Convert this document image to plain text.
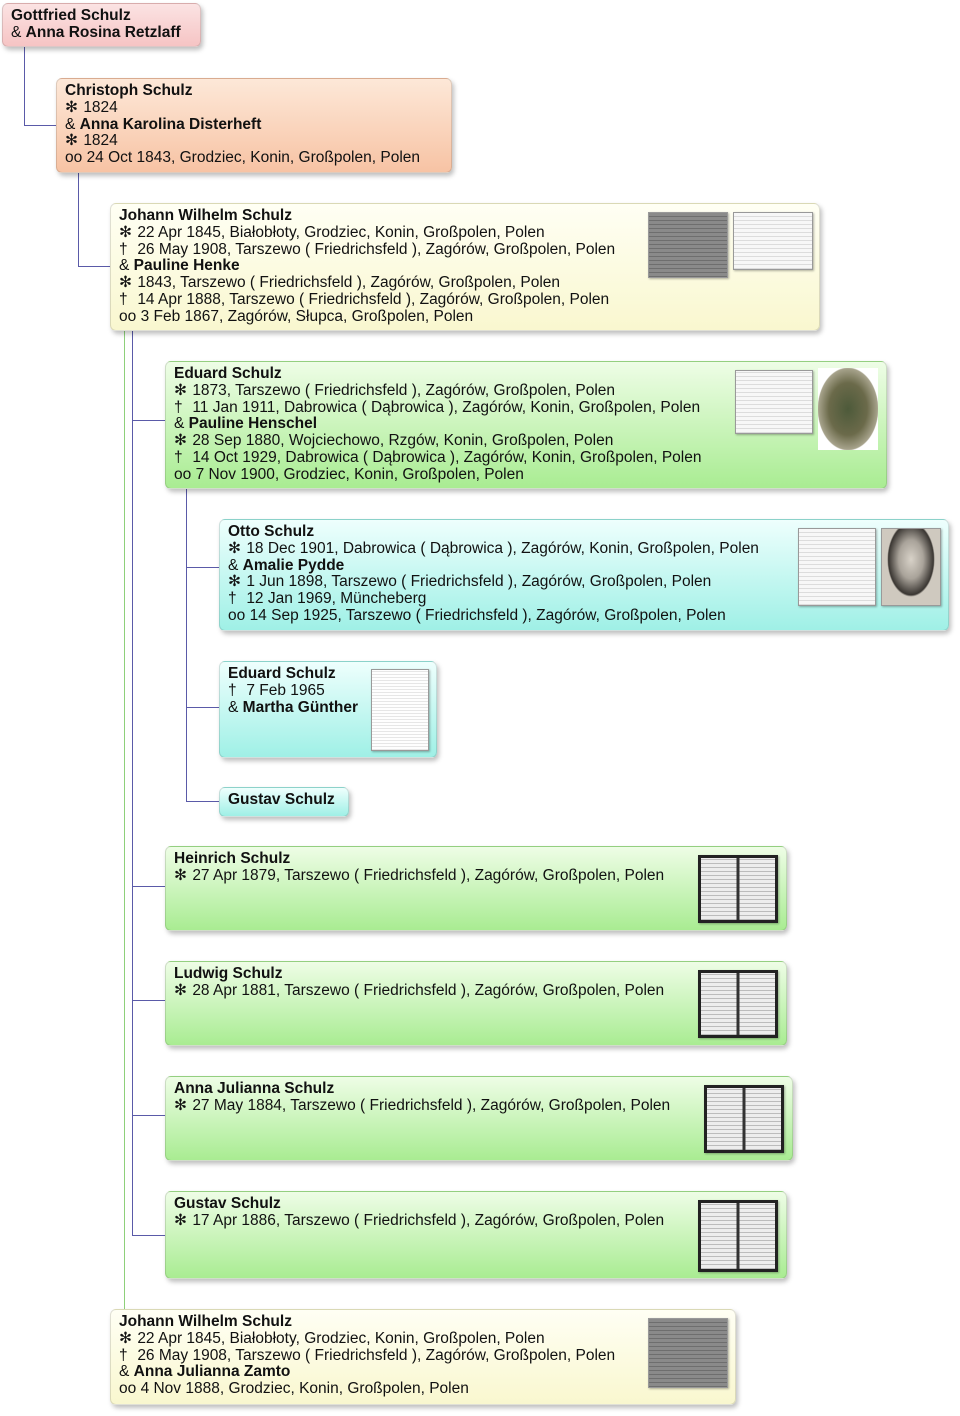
Gottfried Schulz
& Anna Rosina Retzlaff
Christoph Schulz
✻ 1824
& Anna Karolina Disterheft
✻ 1824
oo 24 Oct 1843, Grodziec, Konin, Großpolen, Polen
Johann Wilhelm Schulz
✻ 22 Apr 1845, Białobłoty, Grodziec, Konin, Großpolen, Polen
† 26 May 1908, Tarszewo ( Friedrichsfeld ), Zagórów, Großpolen, Polen
& Pauline Henke
✻ 1843, Tarszewo ( Friedrichsfeld ), Zagórów, Großpolen, Polen
† 14 Apr 1888, Tarszewo ( Friedrichsfeld ), Zagórów, Großpolen, Polen
oo 3 Feb 1867, Zagórów, Słupca, Großpolen, Polen
Eduard Schulz
✻ 1873, Tarszewo ( Friedrichsfeld ), Zagórów, Großpolen, Polen
† 11 Jan 1911, Dabrowica ( Dąbrowica ), Zagórów, Konin, Großpolen, Polen
& Pauline Henschel
✻ 28 Sep 1880, Wojciechowo, Rzgów, Konin, Großpolen, Polen
† 14 Oct 1929, Dabrowica ( Dąbrowica ), Zagórów, Konin, Großpolen, Polen
oo 7 Nov 1900, Grodziec, Konin, Großpolen, Polen
Otto Schulz
✻ 18 Dec 1901, Dabrowica ( Dąbrowica ), Zagórów, Konin, Großpolen, Polen
& Amalie Pydde
✻ 1 Jun 1898, Tarszewo ( Friedrichsfeld ), Zagórów, Großpolen, Polen
† 12 Jan 1969, Müncheberg
oo 14 Sep 1925, Tarszewo ( Friedrichsfeld ), Zagórów, Großpolen, Polen
Eduard Schulz
† 7 Feb 1965
& Martha Günther
Gustav Schulz
Heinrich Schulz
✻ 27 Apr 1879, Tarszewo ( Friedrichsfeld ), Zagórów, Großpolen, Polen
Ludwig Schulz
✻ 28 Apr 1881, Tarszewo ( Friedrichsfeld ), Zagórów, Großpolen, Polen
Anna Julianna Schulz
✻ 27 May 1884, Tarszewo ( Friedrichsfeld ), Zagórów, Großpolen, Polen
Gustav Schulz
✻ 17 Apr 1886, Tarszewo ( Friedrichsfeld ), Zagórów, Großpolen, Polen
Johann Wilhelm Schulz
✻ 22 Apr 1845, Białobłoty, Grodziec, Konin, Großpolen, Polen
† 26 May 1908, Tarszewo ( Friedrichsfeld ), Zagórów, Großpolen, Polen
& Anna Julianna Zamto
oo 4 Nov 1888, Grodziec, Konin, Großpolen, Polen
